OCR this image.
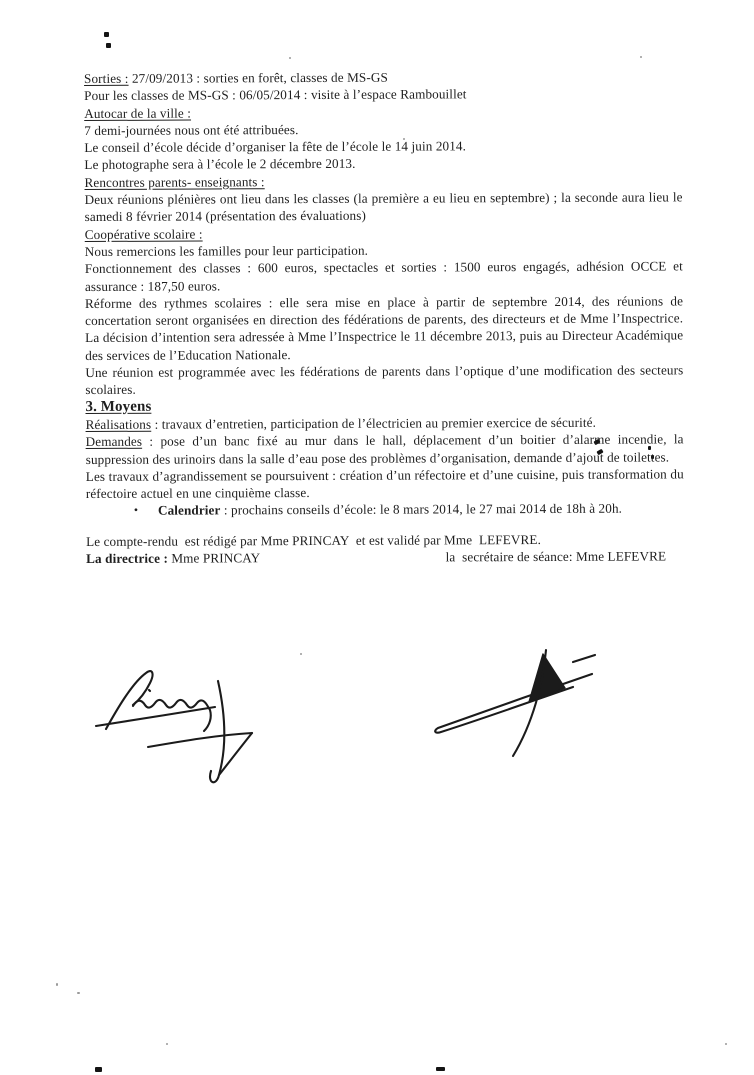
Sorties : 27/09/2013 : sorties en forêt, classes de MS-GS
Pour les classes de MS-GS : 06/05/2014 : visite à l’espace Rambouillet

Autocar de la ville :
7 demi-journées nous ont été attribuées.

Le conseil d’école décide d’organiser la fête de l’école le 14 juin 2014.
Le photographe sera à l’école le 2 décembre 2013.

Rencontres parents- enseignants :

Deux réunions plénières ont lieu dans les classes (la première a eu lieu en septembre) ; la seconde aura lieu le samedi 8 février 2014 (présentation des évaluations)

Coopérative scolaire :

Nous remercions les familles pour leur participation.

Fonctionnement des classes : 600 euros, spectacles et sorties : 1500 euros engagés, adhésion OCCE et assurance : 187,50 euros.

Réforme des rythmes scolaires : elle sera mise en place à partir de septembre 2014, des réunions de concertation seront organisées en direction des fédérations de parents, des directeurs et de Mme l’Inspectrice. La décision d’intention sera adressée à Mme l’Inspectrice le 11 décembre 2013, puis au Directeur Académique des services de l’Education Nationale.

Une réunion est programmée avec les fédérations de parents dans l’optique d’une modification des secteurs scolaires.

3. Moyens

Réalisations : travaux d’entretien, participation de l’électricien au premier exercice de sécurité.

Demandes : pose d’un banc fixé au mur dans le hall, déplacement d’un boitier d’alarme incendie, la suppression des urinoirs dans la salle d’eau pose des problèmes d’organisation, demande d’ajout de toilettes.

Les travaux d’agrandissement se poursuivent : création d’un réfectoire et d’une cuisine, puis transformation du réfectoire actuel en une cinquième classe.

•	Calendrier : prochains conseils d’école: le 8 mars 2014, le 27 mai 2014 de 18h à 20h.

Le compte-rendu  est rédigé par Mme PRINCAY  et est validé par Mme  LEFEVRE.

La directrice : Mme PRINCAY	la  secrétaire de séance: Mme LEFEVRE
